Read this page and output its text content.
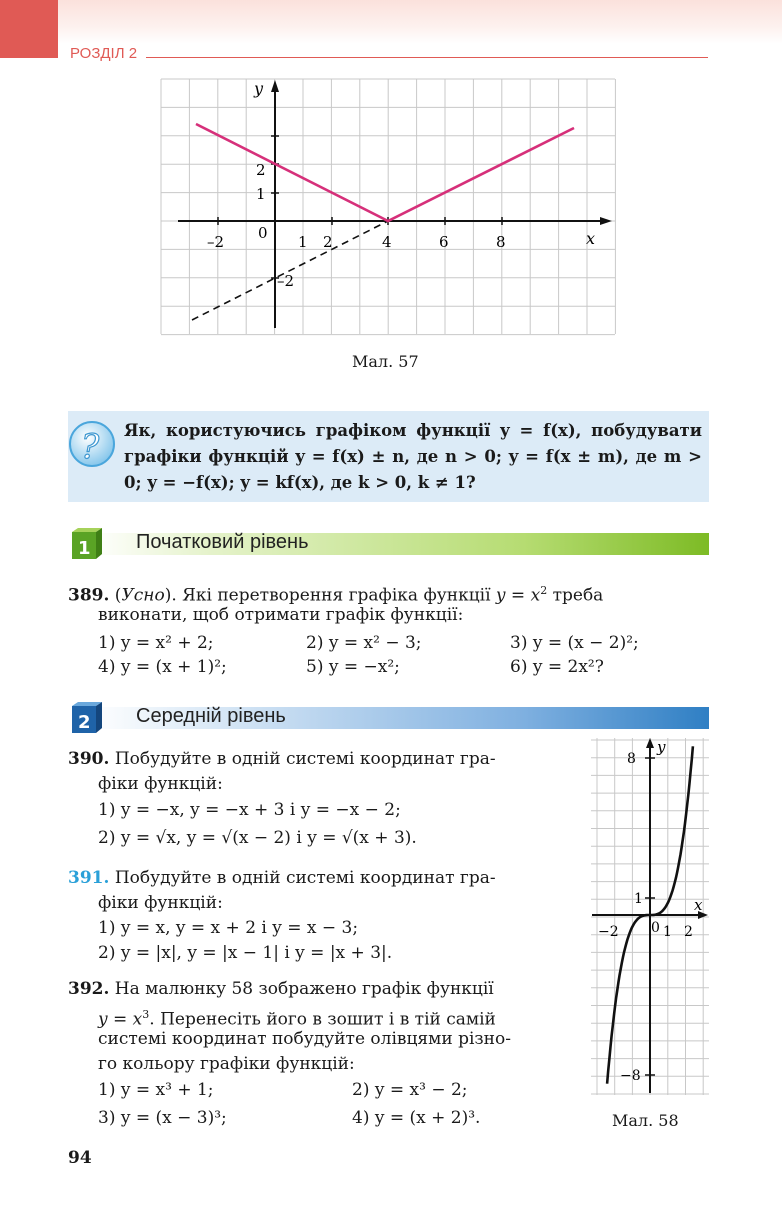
РОЗДІЛ 2
y
x
–2 0 1 2	4	6	8
2
1
–2
Мал. 57
? Як, користуючись графіком функції y = f(x), побудувати графіки функцій y = f(x) ± n, де n > 0; y = f(x ± m), де m > 0; y = −f(x); y = kf(x), де k > 0, k ≠ 1?
1 Початковий рівень
389. (Усно). Які перетворення графіка функції $y = x^2$ треба
виконати, щоб отримати графік функції:
1) y = x² + 2;	2) y = x² − 3;	3) y = (x − 2)²;
4) y = (x + 1)²;	5) y = −x²;	6) y = 2x²?
2 Середній рівень
390. Побудуйте в одній системі координат гра-
фіки функцій:
1) y = −x, y = −x + 3 і y = −x − 2;
2) y = √x, y = √(x − 2) і y = √(x + 3).
391. Побудуйте в одній системі координат гра-
фіки функцій:
1) y = x, y = x + 2 і y = x − 3;
2) y = |x|, y = |x − 1| і y = |x + 3|.
392. На малюнку 58 зображено графік функції
$y = x^3$. Перенесіть його в зошит і в тій самій
системі координат побудуйте олівцями різно-
го кольору графіки функцій:
1) y = x³ + 1;	2) y = x³ − 2;
3) y = (x − 3)³;	4) y = (x + 2)³.
y
x
8
1
−2 0 1 2
−8
Мал. 58
94
